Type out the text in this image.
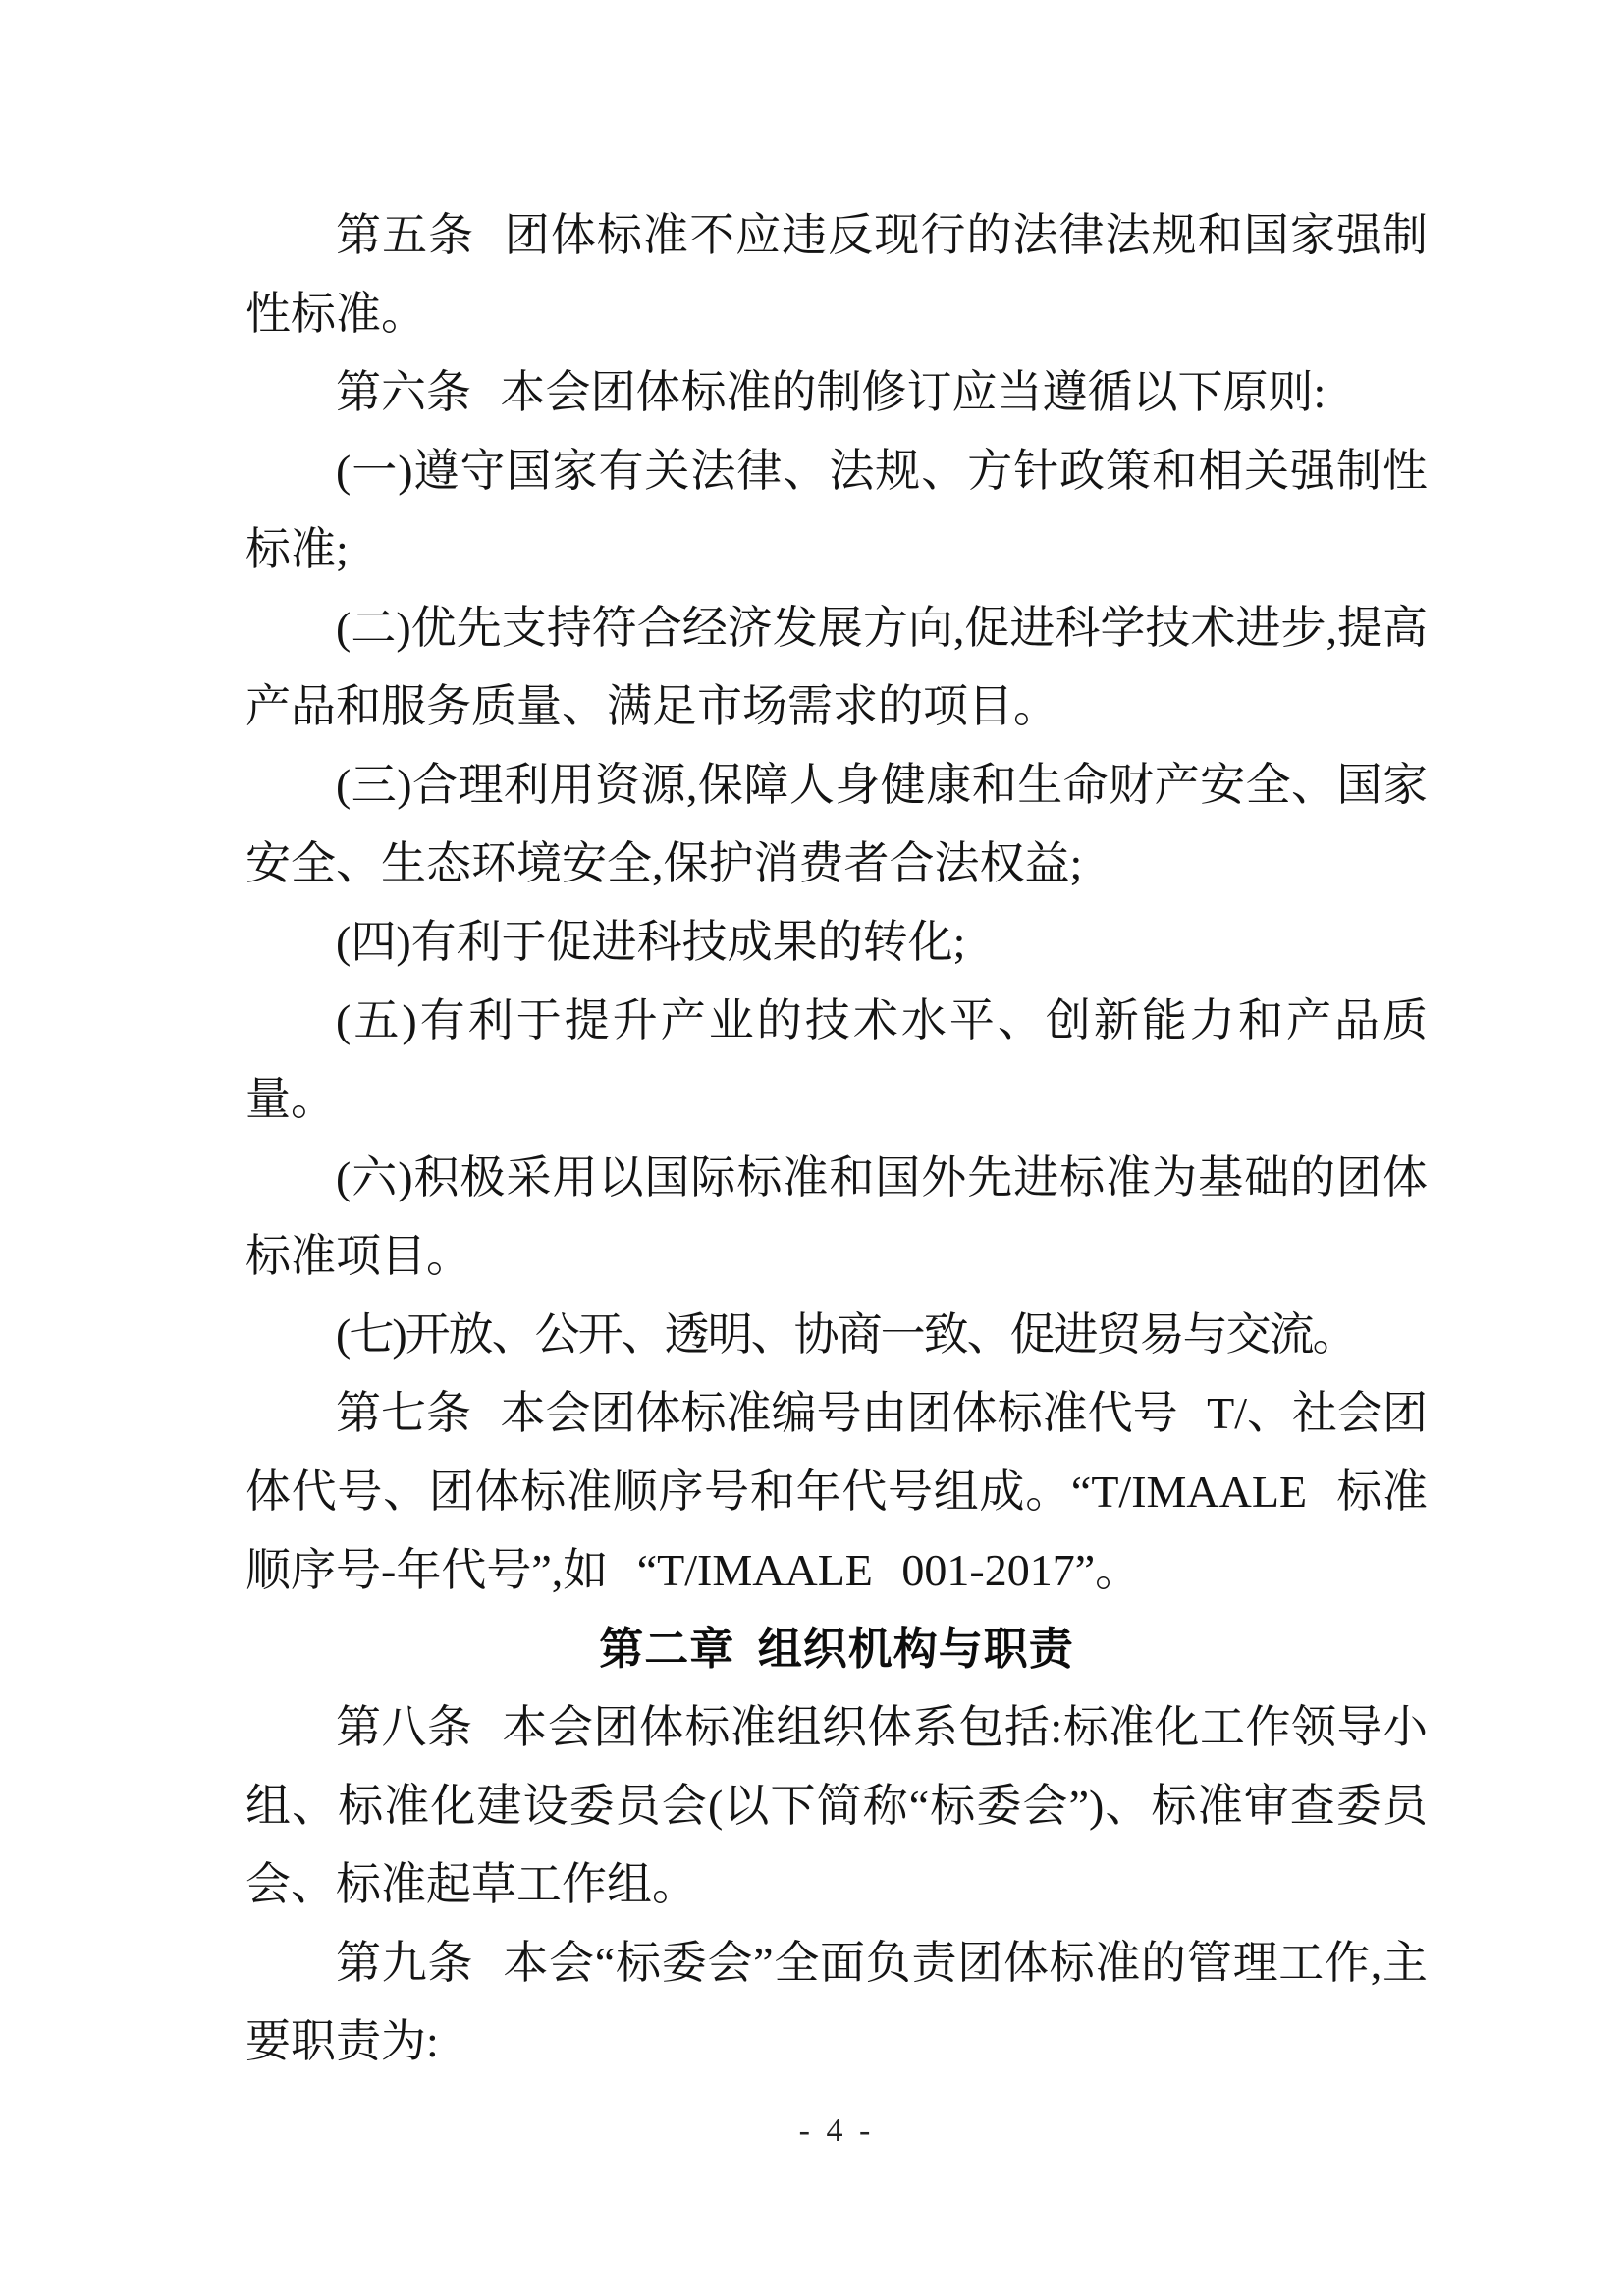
第五条 团体标准不应违反现行的法律法规和国家强制性标准。

第六条 本会团体标准的制修订应当遵循以下原则:

(一)遵守国家有关法律、法规、方针政策和相关强制性标准;

(二)优先支持符合经济发展方向,促进科学技术进步,提高产品和服务质量、满足市场需求的项目。

(三)合理利用资源,保障人身健康和生命财产安全、国家安全、生态环境安全,保护消费者合法权益;

(四)有利于促进科技成果的转化;

(五)有利于提升产业的技术水平、创新能力和产品质量。

(六)积极采用以国际标准和国外先进标准为基础的团体标准项目。

(七)开放、公开、透明、协商一致、促进贸易与交流。

第七条 本会团体标准编号由团体标准代号 T/、社会团体代号、团体标准顺序号和年代号组成。“T/IMAALE 标准顺序号-年代号”,如 “T/IMAALE 001-2017”。

第二章 组织机构与职责

第八条 本会团体标准组织体系包括:标准化工作领导小组、标准化建设委员会(以下简称“标委会”)、标准审查委员会、标准起草工作组。

第九条 本会“标委会”全面负责团体标准的管理工作,主要职责为:

- 4 -
